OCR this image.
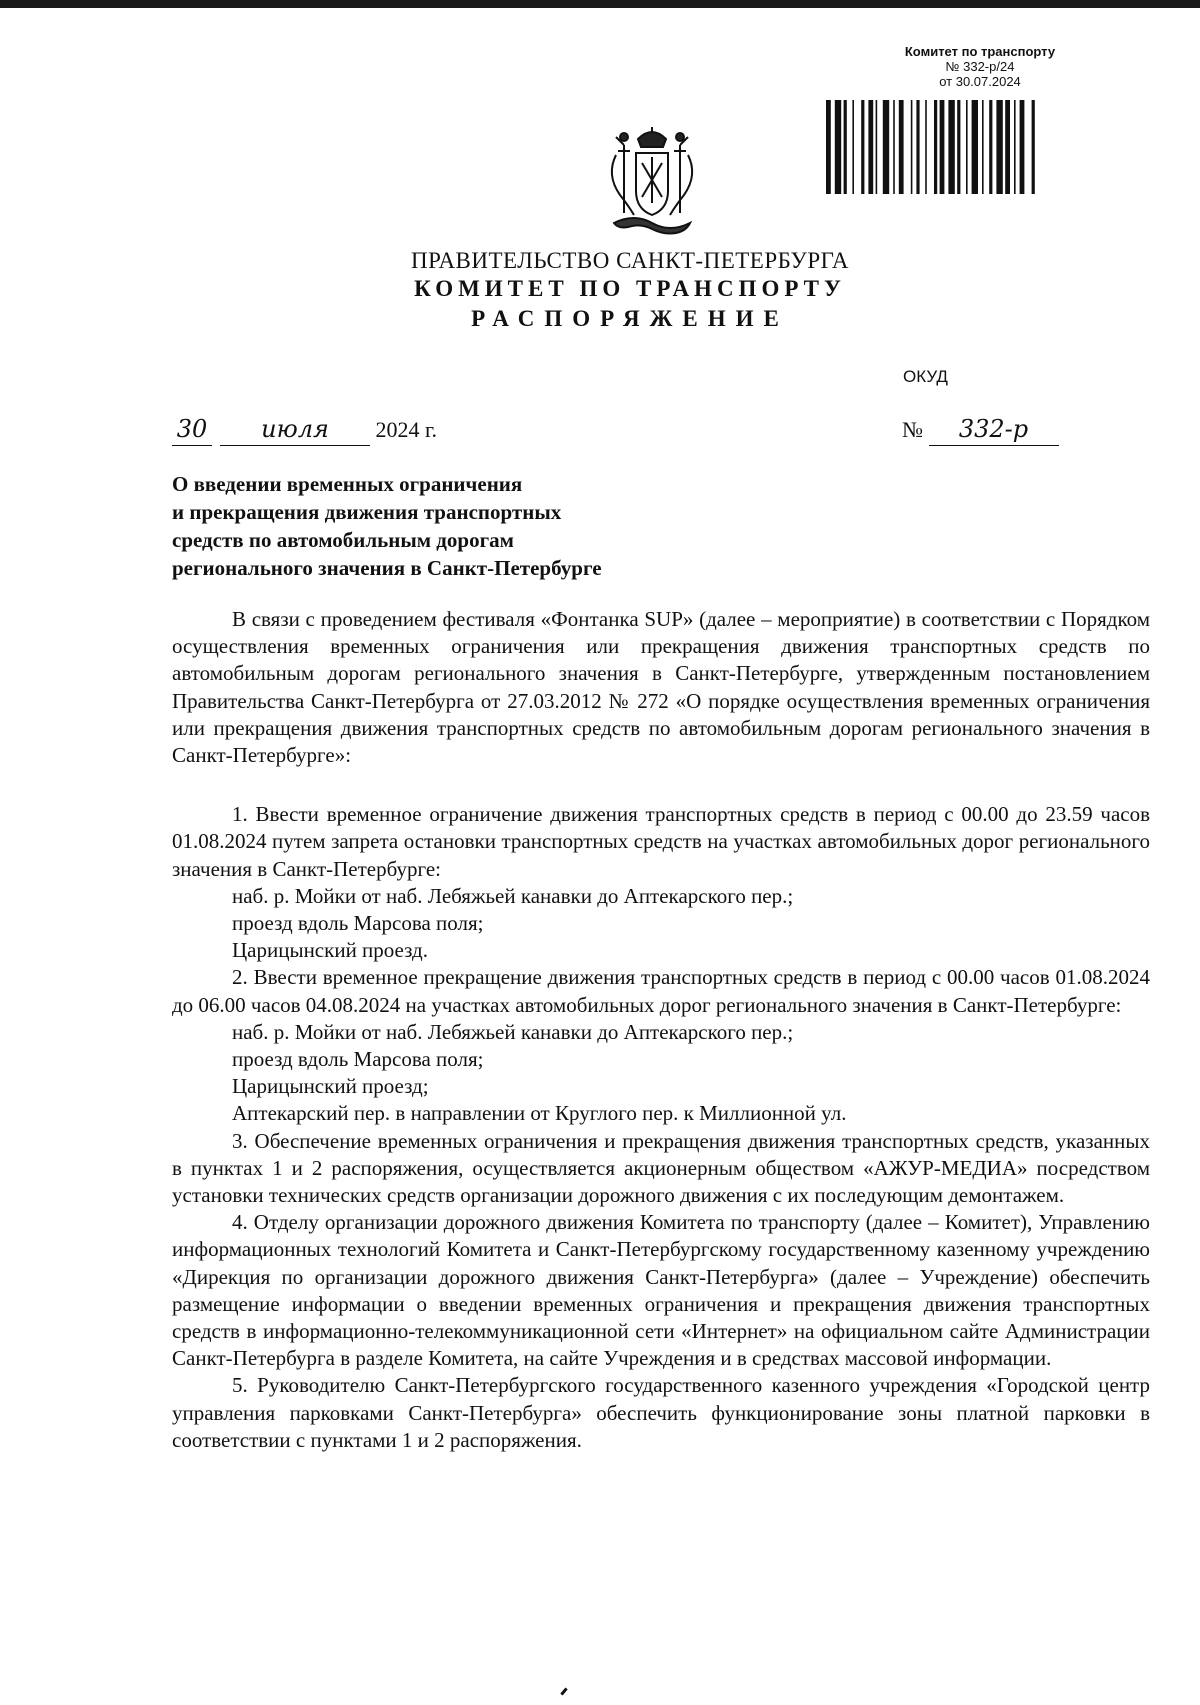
Комитет по транспорту
№ 332-р/24
от 30.07.2024
ПРАВИТЕЛЬСТВО САНКТ-ПЕТЕРБУРГА
КОМИТЕТ ПО ТРАНСПОРТУ
РАСПОРЯЖЕНИЕ
ОКУД
30 июля 2024 г.	№ 332-р
О введении временных ограничения
и прекращения движения транспортных
средств по автомобильным дорогам
регионального значения в Санкт-Петербурге

В связи с проведением фестиваля «Фонтанка SUP» (далее – мероприятие) в соответствии с Порядком осуществления временных ограничения или прекращения движения транспортных средств по автомобильным дорогам регионального значения в Санкт-Петербурге, утвержденным постановлением Правительства Санкт-Петербурга от 27.03.2012 № 272 «О порядке осуществления временных ограничения или прекращения движения транспортных средств по автомобильным дорогам регионального значения в Санкт-Петербурге»:

1. Ввести временное ограничение движения транспортных средств в период с 00.00 до 23.59 часов 01.08.2024 путем запрета остановки транспортных средств на участках автомобильных дорог регионального значения в Санкт-Петербурге:

наб. р. Мойки от наб. Лебяжьей канавки до Аптекарского пер.;

проезд вдоль Марсова поля;

Царицынский проезд.

2. Ввести временное прекращение движения транспортных средств в период с 00.00 часов 01.08.2024 до 06.00 часов 04.08.2024 на участках автомобильных дорог регионального значения в Санкт-Петербурге:

наб. р. Мойки от наб. Лебяжьей канавки до Аптекарского пер.;

проезд вдоль Марсова поля;

Царицынский проезд;

Аптекарский пер. в направлении от Круглого пер. к Миллионной ул.

3. Обеспечение временных ограничения и прекращения движения транспортных средств, указанных в пунктах 1 и 2 распоряжения, осуществляется акционерным обществом «АЖУР-МЕДИА» посредством установки технических средств организации дорожного движения с их последующим демонтажем.

4. Отделу организации дорожного движения Комитета по транспорту (далее – Комитет), Управлению информационных технологий Комитета и Санкт-Петербургскому государственному казенному учреждению «Дирекция по организации дорожного движения Санкт-Петербурга» (далее – Учреждение) обеспечить размещение информации о введении временных ограничения и прекращения движения транспортных средств в информационно-телекоммуникационной сети «Интернет» на официальном сайте Администрации Санкт-Петербурга в разделе Комитета, на сайте Учреждения и в средствах массовой информации.

5. Руководителю Санкт-Петербургского государственного казенного учреждения «Городской центр управления парковками Санкт-Петербурга» обеспечить функционирование зоны платной парковки в соответствии с пунктами 1 и 2 распоряжения.
